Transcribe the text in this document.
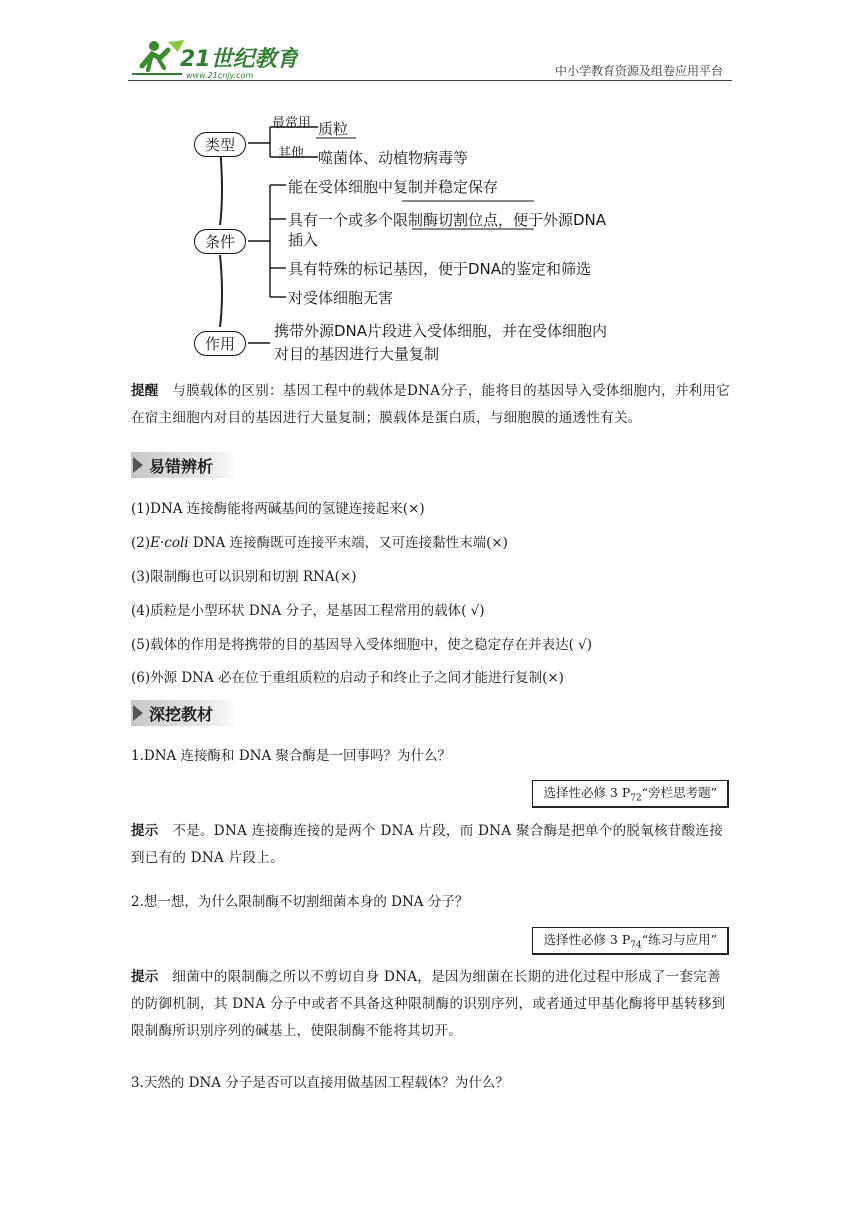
21世纪教育
www.21cnjy.com	中小学教育资源及组卷应用平台
类型
最常用 质粒
其他 噬菌体、动植物病毒等
条件
能在受体细胞中复制并稳定保存
具有一个或多个限制酶切割位点，便于外源DNA
插入
具有特殊的标记基因，便于DNA的鉴定和筛选
对受体细胞无害
作用
携带外源DNA片段进入受体细胞，并在受体细胞内
对目的基因进行大量复制
提醒 与膜载体的区别：基因工程中的载体是DNA分子，能将目的基因导入受体细胞内，并利用它在宿主细胞内对目的基因进行大量复制；膜载体是蛋白质，与细胞膜的通透性有关。
易错辨析
(1)DNA 连接酶能将两碱基间的氢键连接起来(×)
(2)E·coli DNA 连接酶既可连接平末端，又可连接黏性末端(×)
(3)限制酶也可以识别和切割 RNA(×)
(4)质粒是小型环状 DNA 分子，是基因工程常用的载体( √)
(5)载体的作用是将携带的目的基因导入受体细胞中，使之稳定存在并表达( √)
(6)外源 DNA 必在位于重组质粒的启动子和终止子之间才能进行复制(×)
深挖教材
1.DNA 连接酶和 DNA 聚合酶是一回事吗？为什么？
选择性必修 3 $P_{72}“$旁栏思考题”
提示 不是。DNA 连接酶连接的是两个 DNA 片段，而 DNA 聚合酶是把单个的脱氧核苷酸连接到已有的 DNA 片段上。
2.想一想，为什么限制酶不切割细菌本身的 DNA 分子？
选择性必修 3 $P_{74}“$练习与应用”
提示 细菌中的限制酶之所以不剪切自身 DNA，是因为细菌在长期的进化过程中形成了一套完善的防御机制，其 DNA 分子中或者不具备这种限制酶的识别序列，或者通过甲基化酶将甲基转移到限制酶所识别序列的碱基上，使限制酶不能将其切开。
3.天然的 DNA 分子是否可以直接用做基因工程载体？为什么？
